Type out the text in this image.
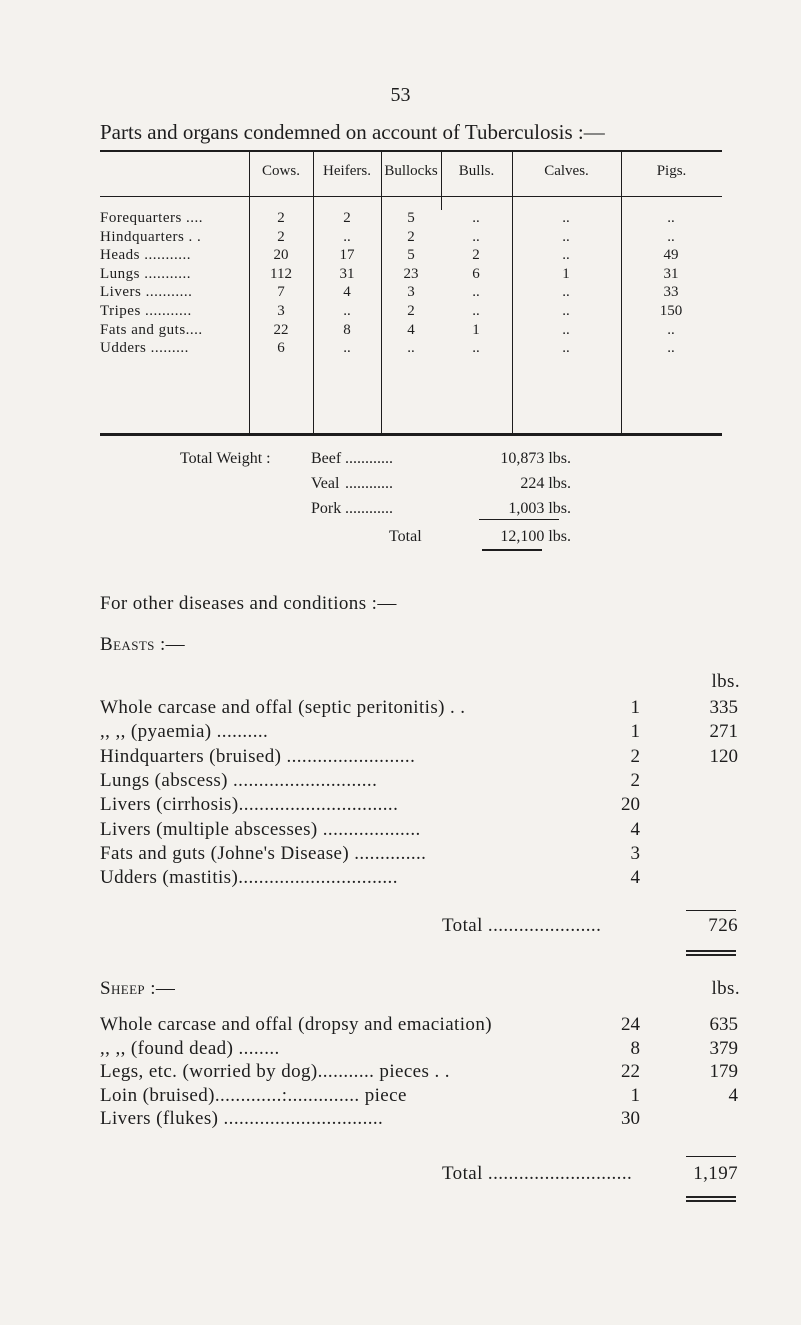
53
Parts and organs condemned on account of Tuberculosis :—
Cows.	Heifers. Bullocks	Bulls.	Calves.	Pigs.
Forequarters ....	2	2	5	..	..	..
Hindquarters . .	2	..	2	..	..	..
Heads ...........	20	17	5	2	..	49
Lungs ...........	112	31	23	6	1	31
Livers ...........	7	4	3	..	..	33
Tripes ...........	3	..	2	..	..	150
Fats and guts....	22	8	4	1	..	..
Udders .........	6	..	..	..	..	..
Total Weight :	Beef ............	10,873 lbs.
Veal ............	224 lbs.
Pork ............	1,003 lbs.
Total	12,100 lbs.
For other diseases and conditions :—
Beasts :—
lbs.
Whole carcase and offal (septic peritonitis) . .	1	335
,, ,, (pyaemia) ..........	1	271
Hindquarters (bruised) .........................	2	120
Lungs (abscess) ............................	2
Livers (cirrhosis)...............................	20
Livers (multiple abscesses) ...................	4
Fats and guts (Johne's Disease) ..............	3
Udders (mastitis)...............................	4
Total ......................	726
Sheep :—	lbs.
Whole carcase and offal (dropsy and emaciation)	24	635
,, ,, (found dead) ........	8	379
Legs, etc. (worried by dog)........... pieces . .	22	179
Loin (bruised).............:.............. piece	1	4
Livers (flukes) ...............................	30
Total ............................	1,197
